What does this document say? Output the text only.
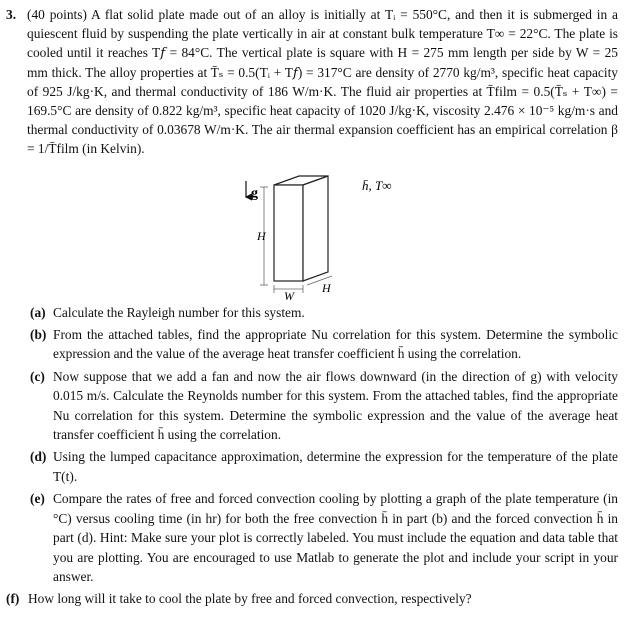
3. (40 points) A flat solid plate made out of an alloy is initially at Tᵢ = 550°C, and then it is submerged in a quiescent fluid by suspending the plate vertically in air at constant bulk temperature T∞ = 22°C. The plate is cooled until it reaches T𝑓 = 84°C. The vertical plate is square with H = 275 mm length per side by W = 25 mm thick. The alloy properties at T̄ₛ = 0.5(Tᵢ + T𝑓) = 317°C are density of 2770 kg/m³, specific heat capacity of 925 J/kg·K, and thermal conductivity of 186 W/m·K. The fluid air properties at T̄film = 0.5(T̄ₛ + T∞) = 169.5°C are density of 0.822 kg/m³, specific heat capacity of 1020 J/kg·K, viscosity 2.476 × 10⁻⁵ kg/m·s and thermal conductivity of 0.03678 W/m·K. The air thermal expansion coefficient has an empirical correlation β = 1/T̄film (in Kelvin).
g
H
W
H
h̄, T∞
(a) Calculate the Rayleigh number for this system.
(b) From the attached tables, find the appropriate Nu correlation for this system. Determine the symbolic expression and the value of the average heat transfer coefficient h̄ using the correlation.
(c) Now suppose that we add a fan and now the air flows downward (in the direction of g) with velocity 0.015 m/s. Calculate the Reynolds number for this system. From the attached tables, find the appropriate Nu correlation for this system. Determine the symbolic expression and the value of the average heat transfer coefficient h̄ using the correlation.
(d) Using the lumped capacitance approximation, determine the expression for the temperature of the plate T(t).
(e) Compare the rates of free and forced convection cooling by plotting a graph of the plate temperature (in °C) versus cooling time (in hr) for both the free convection h̄ in part (b) and the forced convection h̄ in part (d). Hint: Make sure your plot is correctly labeled. You must include the equation and data table that you are plotting. You are encouraged to use Matlab to generate the plot and include your script in your answer.
(f) How long will it take to cool the plate by free and forced convection, respectively?
